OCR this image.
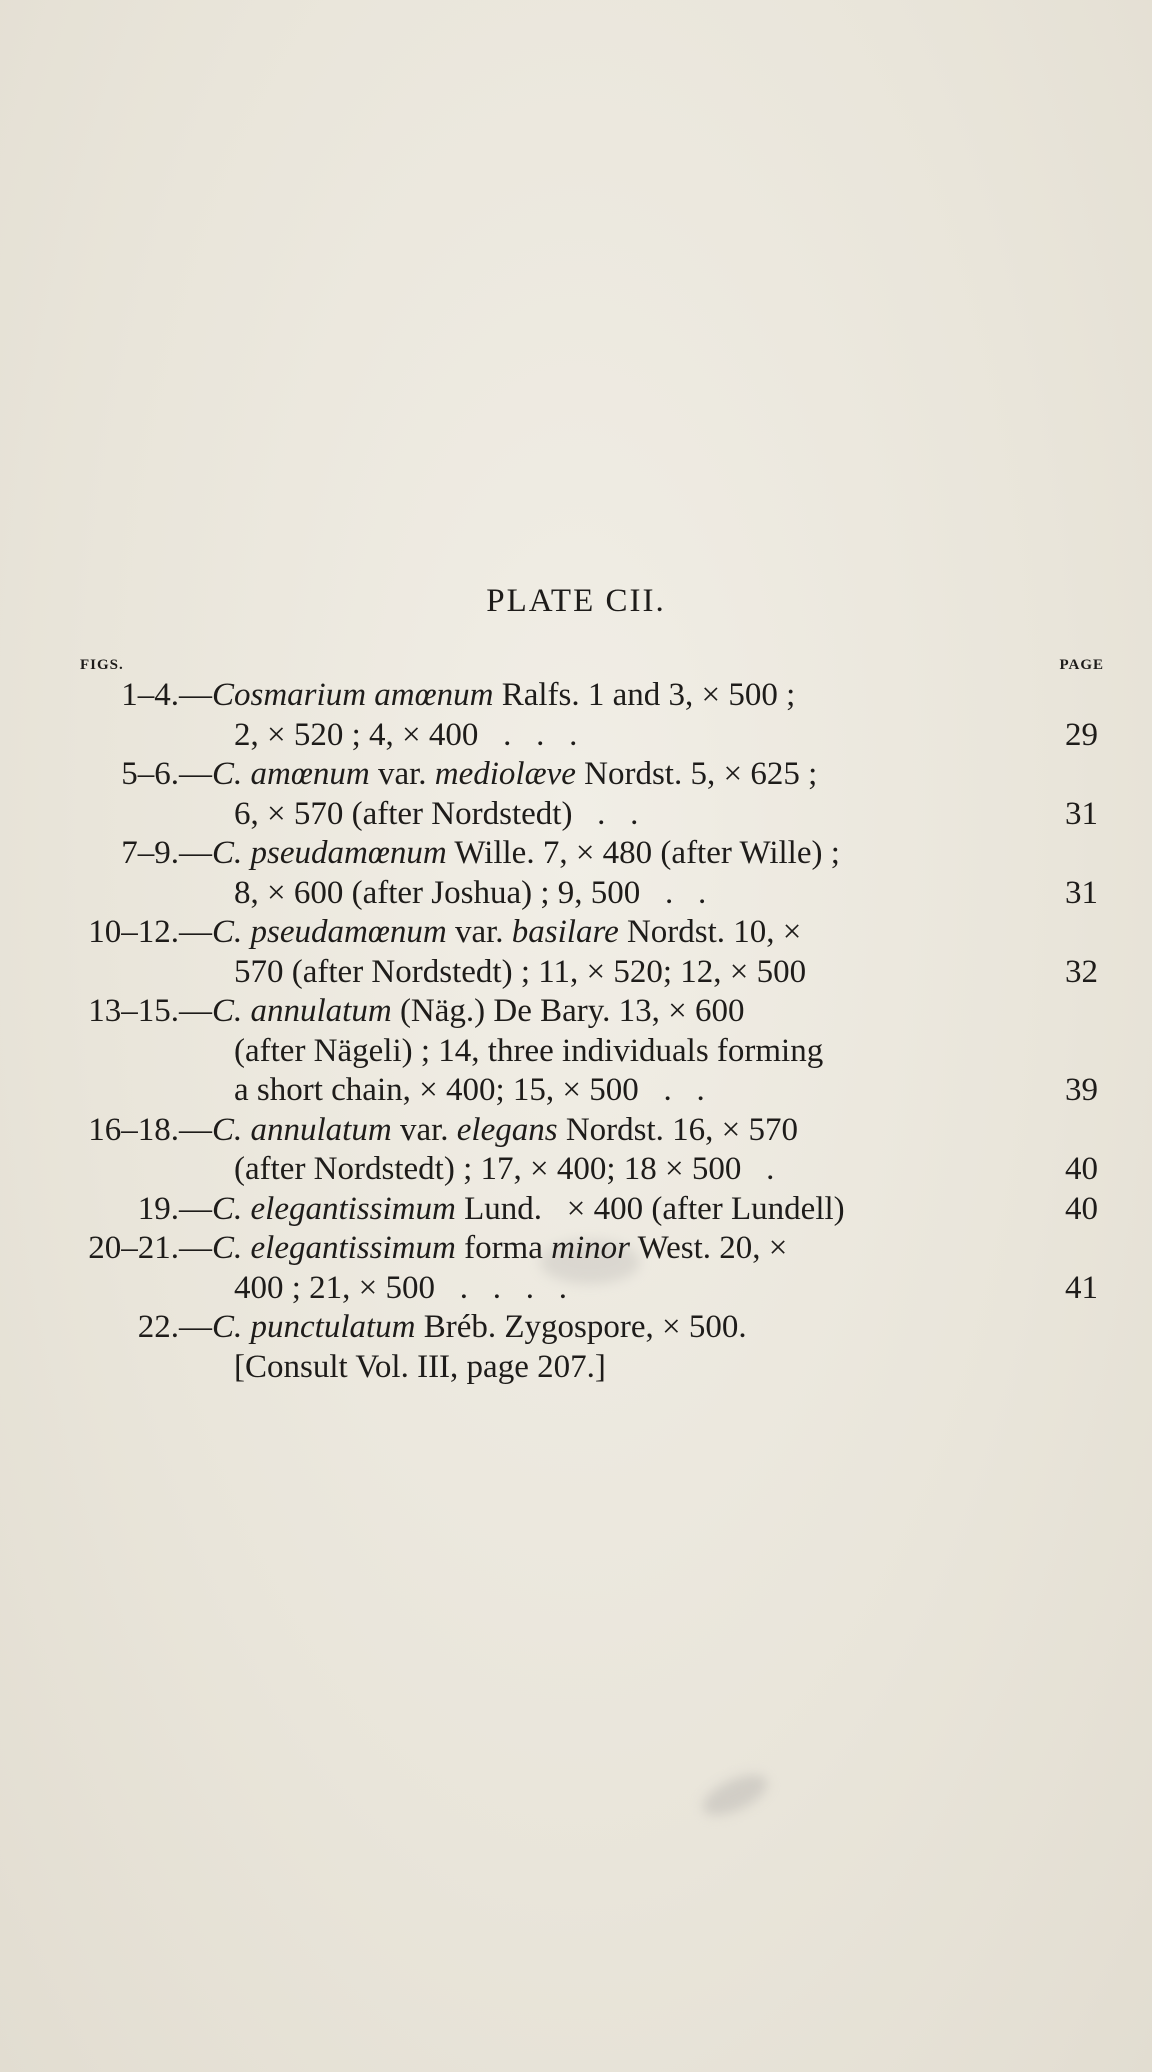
PLATE CII.
FIGS.	PAGE
1–4.— Cosmarium amœnum Ralfs. 1 and 3, × 500 ;
2, × 520 ; 4, × 400   .   .   .	29
5–6.— C. amœnum var. mediolæve Nordst. 5, × 625 ;
6, × 570 (after Nordstedt)   .   .	31
7–9.— C. pseudamœnum Wille. 7, × 480 (after Wille) ;
8, × 600 (after Joshua) ; 9, 500   .   .	31
10–12.— C. pseudamœnum var. basilare Nordst. 10, ×
570 (after Nordstedt) ; 11, × 520; 12, × 500	32
13–15.— C. annulatum (Näg.) De Bary. 13, × 600
(after Nägeli) ; 14, three individuals forming
a short chain, × 400; 15, × 500   .   .	39
16–18.— C. annulatum var. elegans Nordst. 16, × 570
(after Nordstedt) ; 17, × 400; 18 × 500   .	40
19.— C. elegantissimum Lund.   × 400 (after Lundell)	40
20–21.— C. elegantissimum forma minor West. 20, ×
400 ; 21, × 500   .   .   .   .	41
22.— C. punctulatum Bréb. Zygospore, × 500.
[Consult Vol. III, page 207.]
